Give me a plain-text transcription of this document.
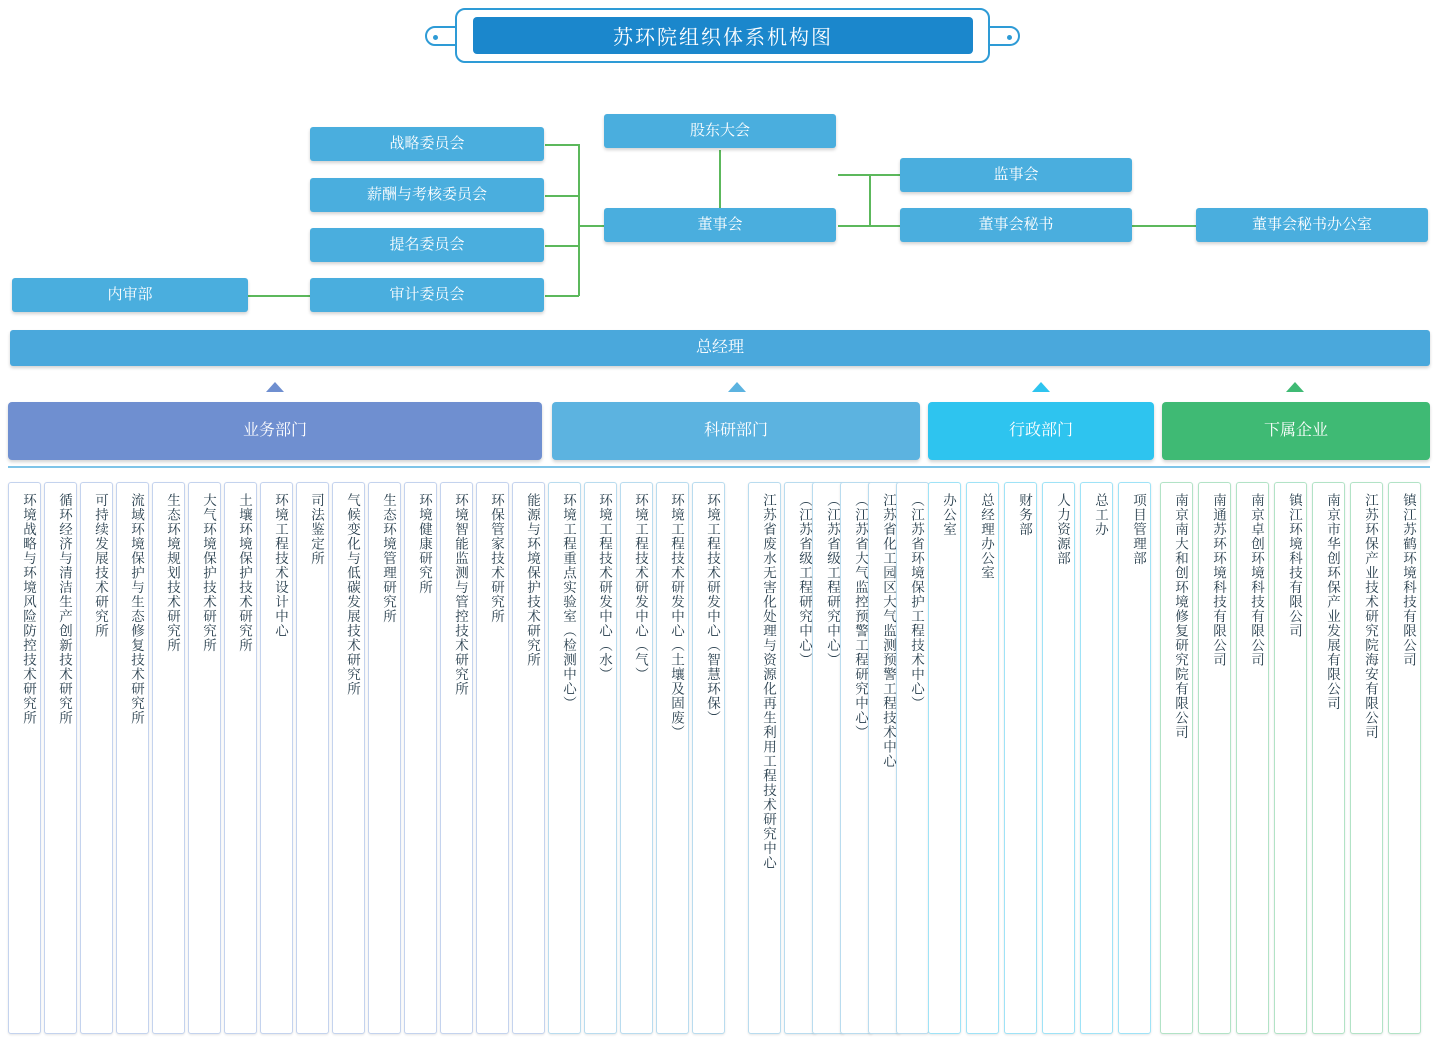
苏环院组织体系机构图
股东大会
董事会
监事会
董事会秘书	董事会秘书办公室
战略委员会
薪酬与考核委员会
提名委员会
审计委员会
内审部
总经理
业务部门	科研部门	行政部门	下属企业
环境战略与环境风险防控技术研究所	循环经济与清洁生产创新技术研究所	可持续发展技术研究所	流域环境保护与生态修复技术研究所	生态环境规划技术研究所	大气环境保护技术研究所	土壤环境保护技术研究所	环境工程技术设计中心	司法鉴定所	气候变化与低碳发展技术研究所	生态环境管理研究所	环境健康研究所	环境智能监测与管控技术研究所	环保管家技术研究所	能源与环境保护技术研究所	环境工程重点实验室（检测中心）	环境工程技术研发中心（水）	环境工程技术研发中心（气）	环境工程技术研发中心（土壤及固废）	环境工程技术研发中心（智慧环保）	江苏省废水无害化处理与资源化再生利用工程技术研究中心	（江苏省级工程研究中心） （江苏省级工程研究中心） （江苏省大气监控预警工程研究中心） 江苏省化工园区大气监测预警工程技术中心 （江苏省环境保护工程技术中心）	办公室	总经理办公室	财务部	人力资源部	总工办	项目管理部	南京南大和创环境修复研究院有限公司	南通苏环环境科技有限公司	南京卓创环境科技有限公司	镇江环境科技有限公司	南京市华创环保产业发展有限公司	江苏环保产业技术研究院海安有限公司	镇江苏鹤环境科技有限公司
